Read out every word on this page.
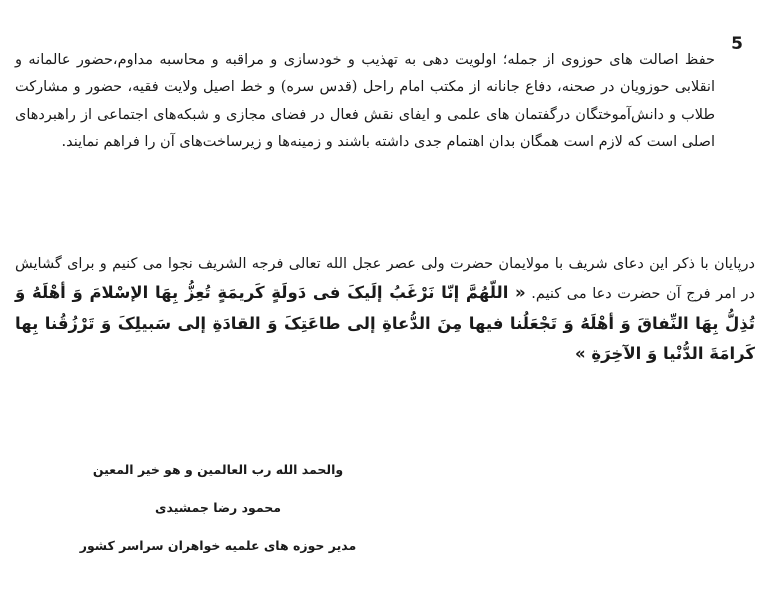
5

حفظ اصالت های حوزوی از جمله؛ اولویت دهی به تهذیب و خودسازی و مراقبه و محاسبه مداوم،حضور عالمانه و انقلابی حوزویان در صحنه، دفاع جانانه از مکتب امام راحل (قدس سره) و خط اصیل ولایت فقیه، حضور و مشارکت طلاب و دانش‌آموختگان درگفتمان های علمی و ایفای نقش فعال در فضای مجازی و شبکه‌های اجتماعی از راهبردهای اصلی است که لازم است همگان بدان اهتمام جدی داشته باشند و زمینه‌ها و زیرساخت‌های آن را فراهم نمایند.

درپایان با ذکر این دعای شریف با مولایمان حضرت ولی عصر عجل الله تعالی فرجه الشریف نجوا می کنیم و برای گشایش در امر فرج آن حضرت دعا می کنیم. « اللّهُمَّ إنّا نَرْغَبُ إلَیکَ فی دَولَةٍ کَریمَةٍ تُعِزُّ بِهَا الإسْلامَ وَ أهْلَهُ وَ تُذِلُّ بِهَا النِّفاقَ وَ أهْلَهُ وَ تَجْعَلُنا فیها مِنَ الدُّعاةِ إلی طاعَتِکَ وَ القادَةِ إلی سَبیلِکَ وَ تَرْزُقُنا بِها کَرامَةَ الدُّنْیا وَ الآخِرَةِ »

والحمد الله رب العالمین و هو خیر المعین
محمود رضا جمشیدی
مدیر حوزه های علمیه خواهران سراسر کشور
